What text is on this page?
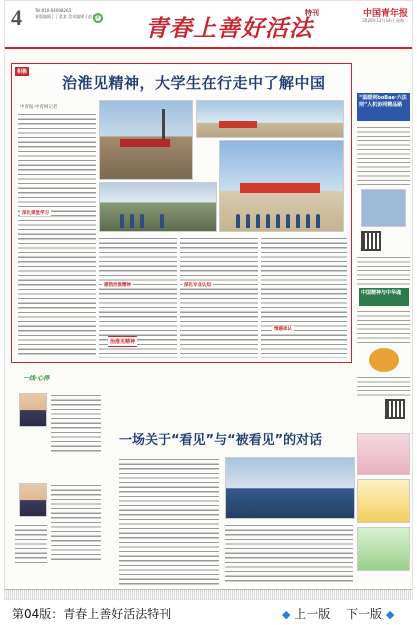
4	Tel:010-64098265
本版编辑 | 丁某某 美术编辑 | 赵某某 青春上善好活法
特刊	中国青年报
2020年12月14日 星期一
积极
治淮见精神，大学生在行走中了解中国
中青报·中青网记者
深化课堂学习
感悟治淮精神	深化专业认知
情感体认
治淮见精神
“温暖到boBae·六法则”人机协同精品路
中国精神与中华魂
一线·心得
一场关于“看见”与“被看见”的对话
第04版：青春上善好活法特刊	◆ 上一版 下一版 ◆
